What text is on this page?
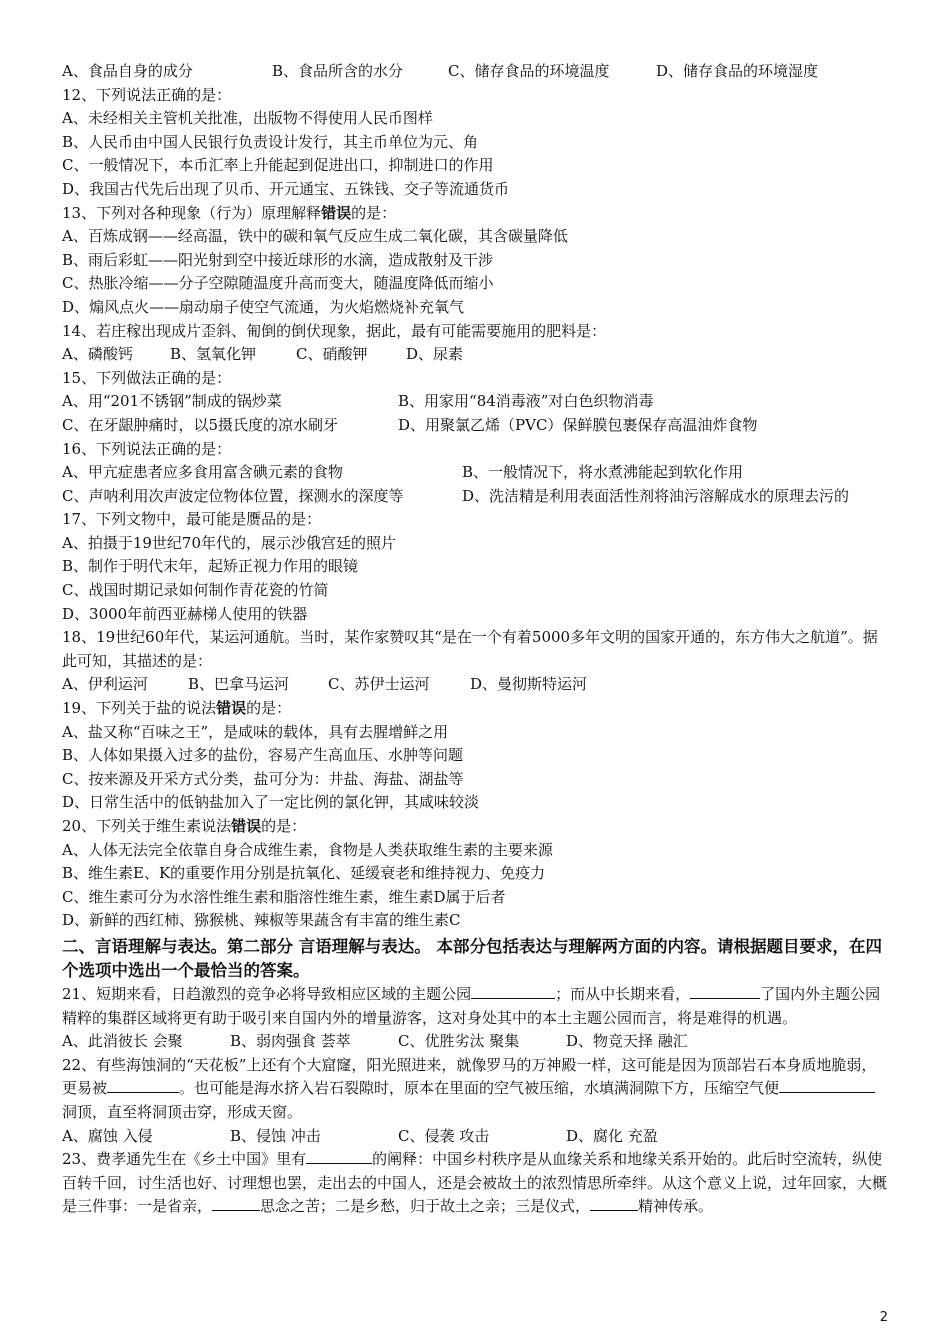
A、食品自身的成分	B、食品所含的水分	C、储存食品的环境温度	D、储存食品的环境湿度
12、下列说法正确的是：
A、未经相关主管机关批准，出版物不得使用人民币图样
B、人民币由中国人民银行负责设计发行，其主币单位为元、角
C、一般情况下，本币汇率上升能起到促进出口，抑制进口的作用
D、我国古代先后出现了贝币、开元通宝、五铢钱、交子等流通货币
13、下列对各种现象（行为）原理解释错误的是：
A、百炼成钢——经高温，铁中的碳和氧气反应生成二氧化碳，其含碳量降低
B、雨后彩虹——阳光射到空中接近球形的水滴，造成散射及干涉
C、热胀冷缩——分子空隙随温度升高而变大，随温度降低而缩小
D、煽风点火——扇动扇子使空气流通，为火焰燃烧补充氧气
14、若庄稼出现成片歪斜、匍倒的倒伏现象，据此，最有可能需要施用的肥料是：
A、磷酸钙 B、氢氧化钾	C、硝酸钾	D、尿素
15、下列做法正确的是：
A、用“201不锈钢”制成的锅炒菜	B、用家用“84消毒液”对白色织物消毒
C、在牙龈肿痛时，以5摄氏度的凉水刷牙	D、用聚氯乙烯（PVC）保鲜膜包裹保存高温油炸食物
16、下列说法正确的是：
A、甲亢症患者应多食用富含碘元素的食物	B、一般情况下，将水煮沸能起到软化作用
C、声呐利用次声波定位物体位置，探测水的深度等	D、洗洁精是利用表面活性剂将油污溶解成水的原理去污的
17、下列文物中，最可能是赝品的是：
A、拍摄于19世纪70年代的，展示沙俄宫廷的照片
B、制作于明代末年，起矫正视力作用的眼镜
C、战国时期记录如何制作青花瓷的竹简
D、3000年前西亚赫梯人使用的铁器
18、19世纪60年代，某运河通航。当时，某作家赞叹其“是在一个有着5000多年文明的国家开通的，东方伟大之航道”。据此可知，其描述的是：
A、伊利运河	B、巴拿马运河	C、苏伊士运河	D、曼彻斯特运河
19、下列关于盐的说法错误的是：
A、盐又称“百味之王”，是咸味的载体，具有去腥增鲜之用
B、人体如果摄入过多的盐份，容易产生高血压、水肿等问题
C、按来源及开采方式分类，盐可分为：井盐、海盐、湖盐等
D、日常生活中的低钠盐加入了一定比例的氯化钾，其咸味较淡
20、下列关于维生素说法错误的是：
A、人体无法完全依靠自身合成维生素，食物是人类获取维生素的主要来源
B、维生素E、K的重要作用分别是抗氧化、延缓衰老和维持视力、免疫力
C、维生素可分为水溶性维生素和脂溶性维生素，维生素D属于后者
D、新鲜的西红柿、猕猴桃、辣椒等果蔬含有丰富的维生素C
二、言语理解与表达。第二部分 言语理解与表达。 本部分包括表达与理解两方面的内容。请根据题目要求，在四个选项中选出一个最恰当的答案。
21、短期来看，日趋激烈的竞争必将导致相应区域的主题公园	；而从中长期来看，	了国内外主题公园精粹的集群区域将更有助于吸引来自国内外的增量游客，这对身处其中的本土主题公园而言，将是难得的机遇。
A、此消彼长 会聚	B、弱肉强食 荟萃	C、优胜劣汰 聚集	D、物竞天择 融汇
22、有些海蚀洞的“天花板”上还有个大窟窿，阳光照进来，就像罗马的万神殿一样，这可能是因为顶部岩石本身质地脆弱，更易被	。也可能是海水挤入岩石裂隙时，原本在里面的空气被压缩，水填满洞隙下方，压缩空气便洞顶，直至将洞顶击穿，形成天窗。
A、腐蚀 入侵	B、侵蚀 冲击	C、侵袭 攻击	D、腐化 充盈
23、费孝通先生在《乡土中国》里有	的阐释：中国乡村秩序是从血缘关系和地缘关系开始的。此后时空流转，纵使百转千回，讨生活也好、讨理想也罢，走出去的中国人，还是会被故土的浓烈情思所牵绊。从这个意义上说，过年回家，大概是三件事：一是省亲，	思念之苦；二是乡愁，归于故土之亲；三是仪式，	精神传承。
2
